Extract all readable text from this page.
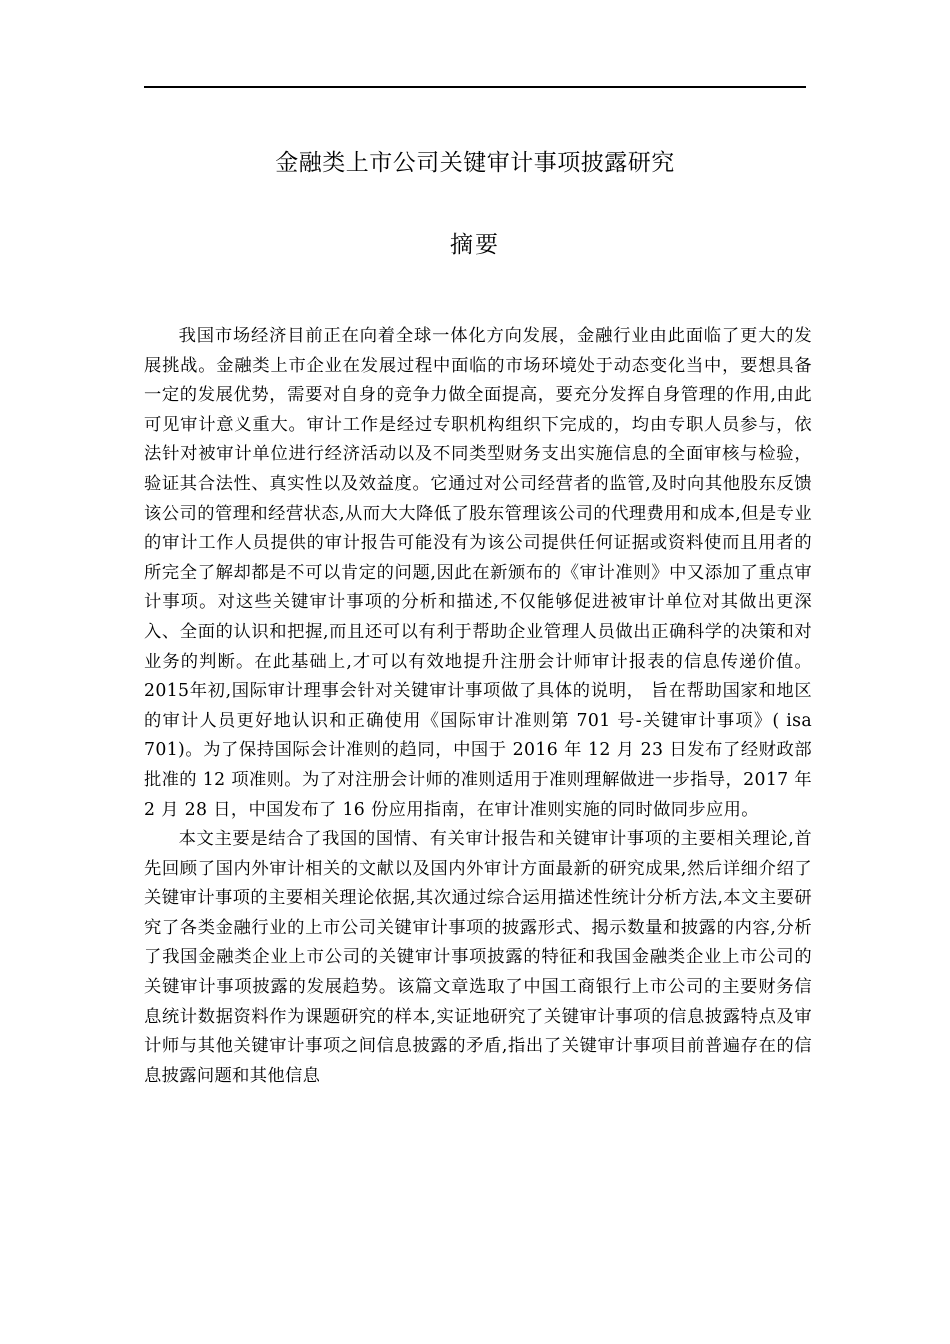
金融类上市公司关键审计事项披露研究
摘要

我国市场经济目前正在向着全球一体化方向发展，金融行业由此面临了更大的发展挑战。金融类上市企业在发展过程中面临的市场环境处于动态变化当中，要想具备一定的发展优势，需要对自身的竞争力做全面提高，要充分发挥自身管理的作用,由此可见审计意义重大。审计工作是经过专职机构组织下完成的，均由专职人员参与，依法针对被审计单位进行经济活动以及不同类型财务支出实施信息的全面审核与检验，验证其合法性、真实性以及效益度。它通过对公司经营者的监管,及时向其他股东反馈该公司的管理和经营状态,从而大大降低了股东管理该公司的代理费用和成本,但是专业的审计工作人员提供的审计报告可能没有为该公司提供任何证据或资料使而且用者的所完全了解却都是不可以肯定的问题,因此在新颁布的《审计准则》中又添加了重点审计事项。对这些关键审计事项的分析和描述,不仅能够促进被审计单位对其做出更深入、全面的认识和把握,而且还可以有利于帮助企业管理人员做出正确科学的决策和对业务的判断。在此基础上,才可以有效地提升注册会计师审计报表的信息传递价值。2015年初,国际审计理事会针对关键审计事项做了具体的说明， 旨在帮助国家和地区的审计人员更好地认识和正确使用《国际审计准则第 701 号-关键审计事项》( isa 701)。为了保持国际会计准则的趋同，中国于 2016 年 12 月 23 日发布了经财政部批准的 12 项准则。为了对注册会计师的准则适用于准则理解做进一步指导，2017 年 2 月 28 日，中国发布了 16 份应用指南，在审计准则实施的同时做同步应用。

本文主要是结合了我国的国情、有关审计报告和关键审计事项的主要相关理论,首先回顾了国内外审计相关的文献以及国内外审计方面最新的研究成果,然后详细介绍了关键审计事项的主要相关理论依据,其次通过综合运用描述性统计分析方法,本文主要研究了各类金融行业的上市公司关键审计事项的披露形式、揭示数量和披露的内容,分析了我国金融类企业上市公司的关键审计事项披露的特征和我国金融类企业上市公司的关键审计事项披露的发展趋势。该篇文章选取了中国工商银行上市公司的主要财务信息统计数据资料作为课题研究的样本,实证地研究了关键审计事项的信息披露特点及审计师与其他关键审计事项之间信息披露的矛盾,指出了关键审计事项目前普遍存在的信息披露问题和其他信息
